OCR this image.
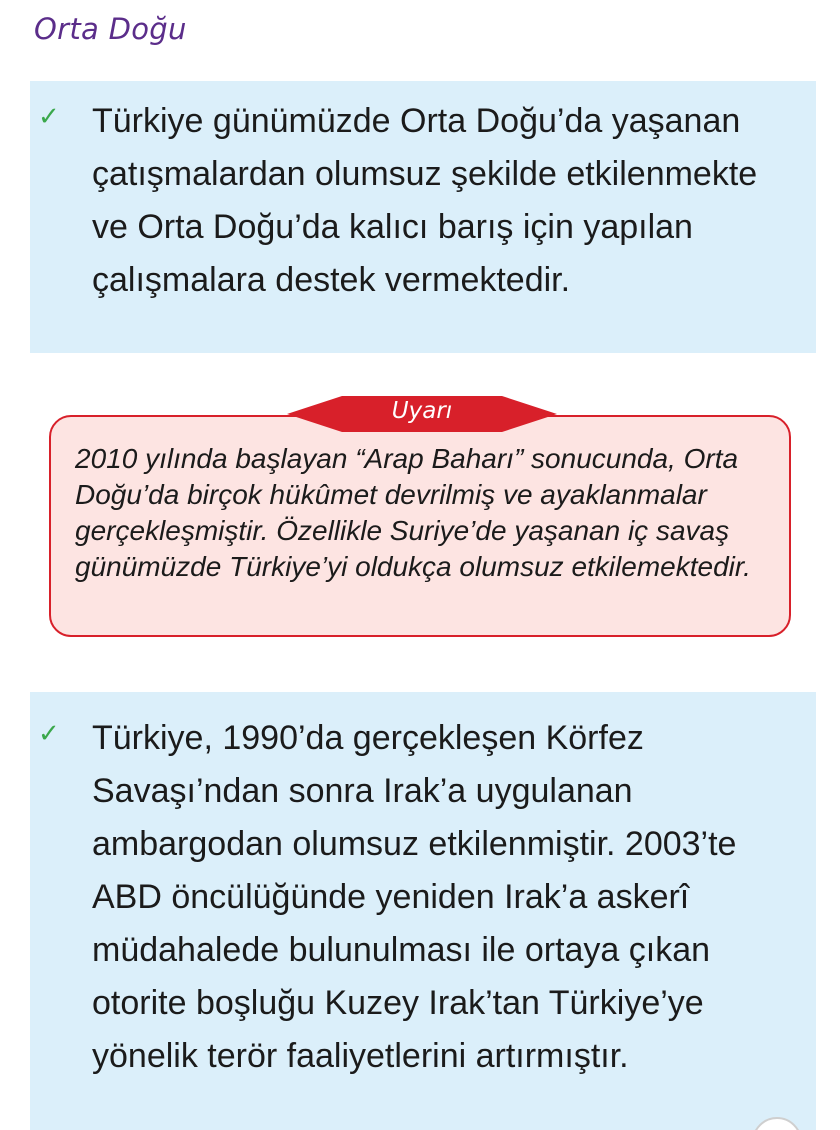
Orta Doğu
✓ Türkiye günümüzde Orta Doğu’da yaşanan çatışmalardan olumsuz şekilde etkilenmekte ve Orta Doğu’da kalıcı barış için yapılan çalışmalara destek vermektedir.
2010 yılında başlayan “Arap Baharı” sonucunda, Orta Doğu’da birçok hükûmet devrilmiş ve ayaklanmalar gerçekleşmiştir. Özellikle Suriye’de yaşanan iç savaş günümüzde Türkiye’yi oldukça olumsuz etkilemektedir.
Uyarı
✓ Türkiye, 1990’da gerçekleşen Körfez Savaşı’ndan sonra Irak’a uygulanan ambargodan olumsuz etkilenmiştir. 2003’te ABD öncülüğünde yeniden Irak’a askerî müdahalede bulunulması ile ortaya çıkan otorite boşluğu Kuzey Irak’tan Türkiye’ye yönelik terör faaliyetlerini artırmıştır.
